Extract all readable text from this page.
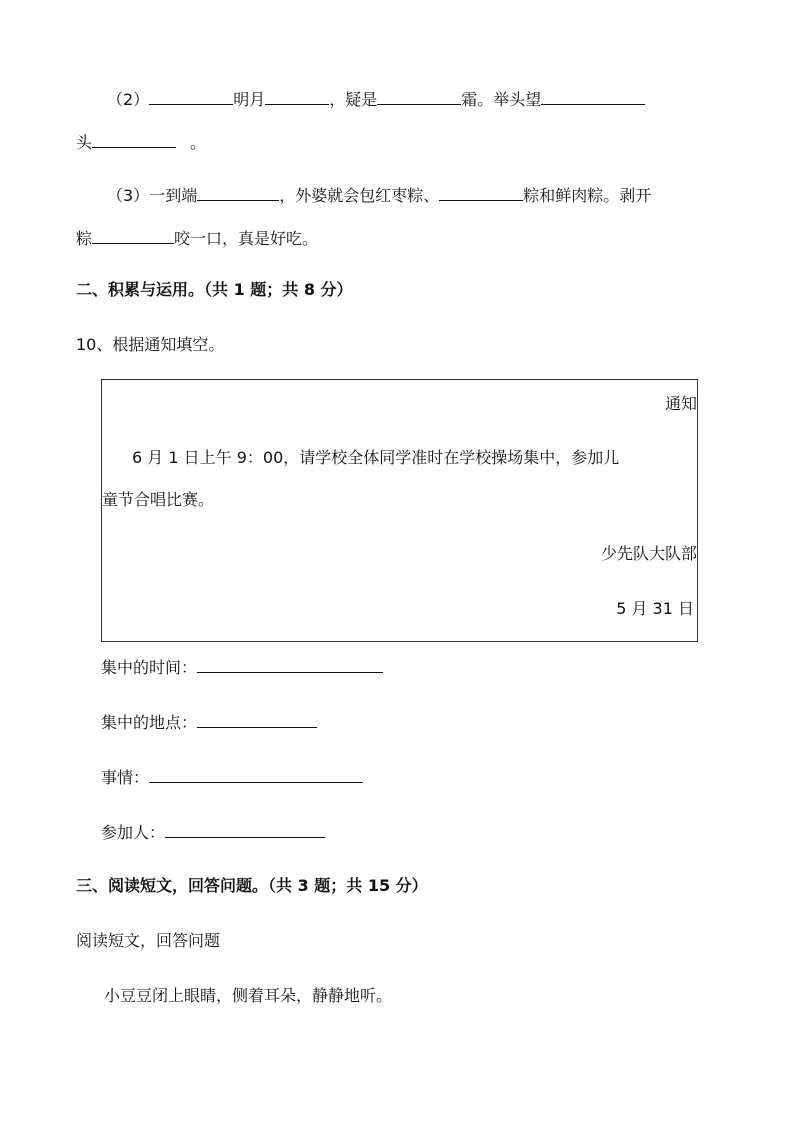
（2）	明月	，疑是	霜。举头望
头	。
（3）一到端	，外婆就会包红枣粽、	粽和鲜肉粽。剥开
粽	咬一口，真是好吃。
二、积累与运用。（共 1 题；共 8 分）
10、根据通知填空。
通知
6 月 1 日上午 9：00，请学校全体同学准时在学校操场集中，参加儿
童节合唱比赛。
少先队大队部
5 月 31 日
集中的时间：
集中的地点：
事情：
参加人：
三、阅读短文，回答问题。（共 3 题；共 15 分）
阅读短文，回答问题
小豆豆闭上眼睛，侧着耳朵，静静地听。
